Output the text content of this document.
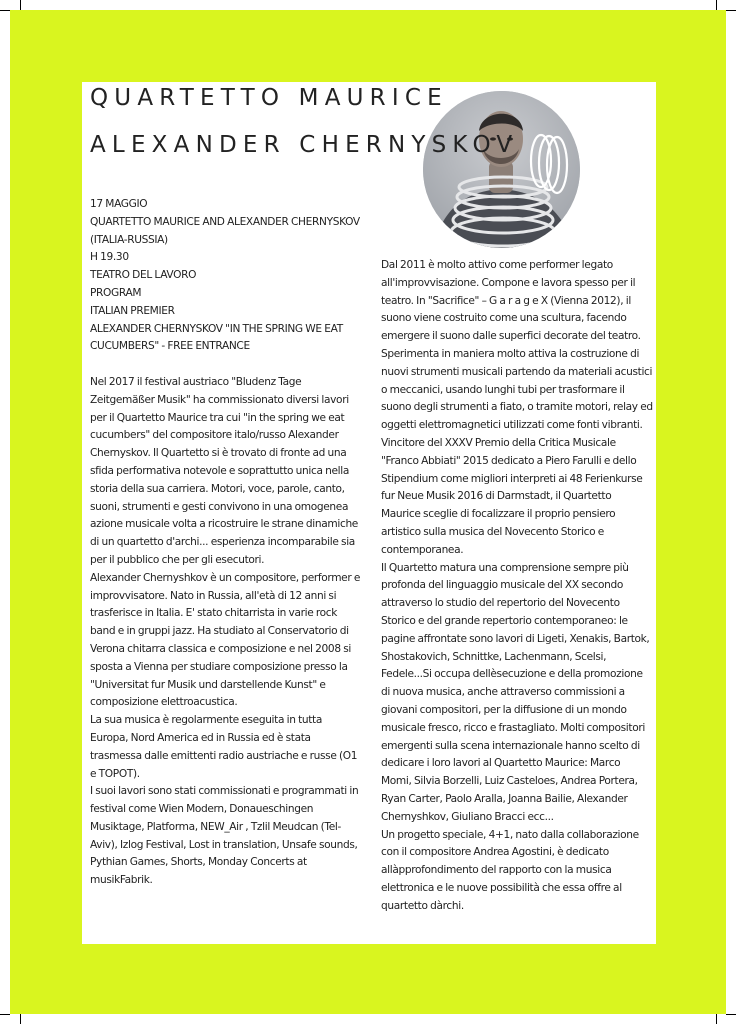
QUARTETTO MAURICE
ALEXANDER CHERNYSKOV

17 MAGGIO

QUARTETTO MAURICE AND ALEXANDER CHERNYSKOV (ITALIA-RUSSIA)

H 19.30

TEATRO DEL LAVORO

PROGRAM

ITALIAN PREMIER

ALEXANDER CHERNYSKOV "IN THE SPRING WE EAT CUCUMBERS" - FREE ENTRANCE

Nel 2017 il festival austriaco "Bludenz Tage Zeitgemäßer Musik" ha commissionato diversi lavori per il Quartetto Maurice tra cui "in the spring we eat cucumbers" del compositore italo/russo Alexander Chernyskov. Il Quartetto si è trovato di fronte ad una sfida performativa notevole e soprattutto unica nella storia della sua carriera. Motori, voce, parole, canto, suoni, strumenti e gesti convivono in una omogenea azione musicale volta a ricostruire le strane dinamiche di un quartetto d'archi... esperienza incomparabile sia per il pubblico che per gli esecutori.

Alexander Chernyshkov è un compositore, performer e improvvisatore. Nato in Russia, all'età di 12 anni si trasferisce in Italia. E' stato chitarrista in varie rock band e in gruppi jazz. Ha studiato al Conservatorio di Verona chitarra classica e composizione e nel 2008 si sposta a Vienna per studiare composizione presso la "Universitat fur Musik und darstellende Kunst" e composizione elettroacustica.

La sua musica è regolarmente eseguita in tutta Europa, Nord America ed in Russia ed è stata trasmessa dalle emittenti radio austriache e russe (O1 e TOPOT).

I suoi lavori sono stati commissionati e programmati in festival come Wien Modern, Donaueschingen Musiktage, Platforma, NEW_Air , Tzlil Meudcan (Tel-Aviv), Izlog Festival, Lost in translation, Unsafe sounds, Pythian Games, Shorts, Monday Concerts at musikFabrik.

Dal 2011 è molto attivo come performer legato all'improvvisazione. Compone e lavora spesso per il teatro. In "Sacrifice" – G a r a g e X (Vienna 2012), il suono viene costruito come una scultura, facendo emergere il suono dalle superfici decorate del teatro. Sperimenta in maniera molto attiva la costruzione di nuovi strumenti musicali partendo da materiali acustici o meccanici, usando lunghi tubi per trasformare il suono degli strumenti a fiato, o tramite motori, relay ed oggetti elettromagnetici utilizzati come fonti vibranti.

Vincitore del XXXV Premio della Critica Musicale "Franco Abbiati" 2015 dedicato a Piero Farulli e dello Stipendium come migliori interpreti ai 48 Ferienkurse fur Neue Musik 2016 di Darmstadt, il Quartetto Maurice sceglie di focalizzare il proprio pensiero artistico sulla musica del Novecento Storico e contemporanea.

Il Quartetto matura una comprensione sempre più profonda del linguaggio musicale del XX secondo attraverso lo studio del repertorio del Novecento Storico e del grande repertorio contemporaneo: le pagine affrontate sono lavori di Ligeti, Xenakis, Bartok, Shostakovich, Schnittke, Lachenmann, Scelsi, Fedele...Si occupa dellèsecuzione e della promozione di nuova musica, anche attraverso commissioni a giovani compositori, per la diffusione di un mondo musicale fresco, ricco e frastagliato. Molti compositori emergenti sulla scena internazionale hanno scelto di dedicare i loro lavori al Quartetto Maurice: Marco Momi, Silvia Borzelli, Luiz Casteloes, Andrea Portera, Ryan Carter, Paolo Aralla, Joanna Bailie, Alexander Chernyshkov, Giuliano Bracci ecc...

Un progetto speciale, 4+1, nato dalla collaborazione con il compositore Andrea Agostini, è dedicato allàpprofondimento del rapporto con la musica elettronica e le nuove possibilità che essa offre al quartetto dàrchi.
